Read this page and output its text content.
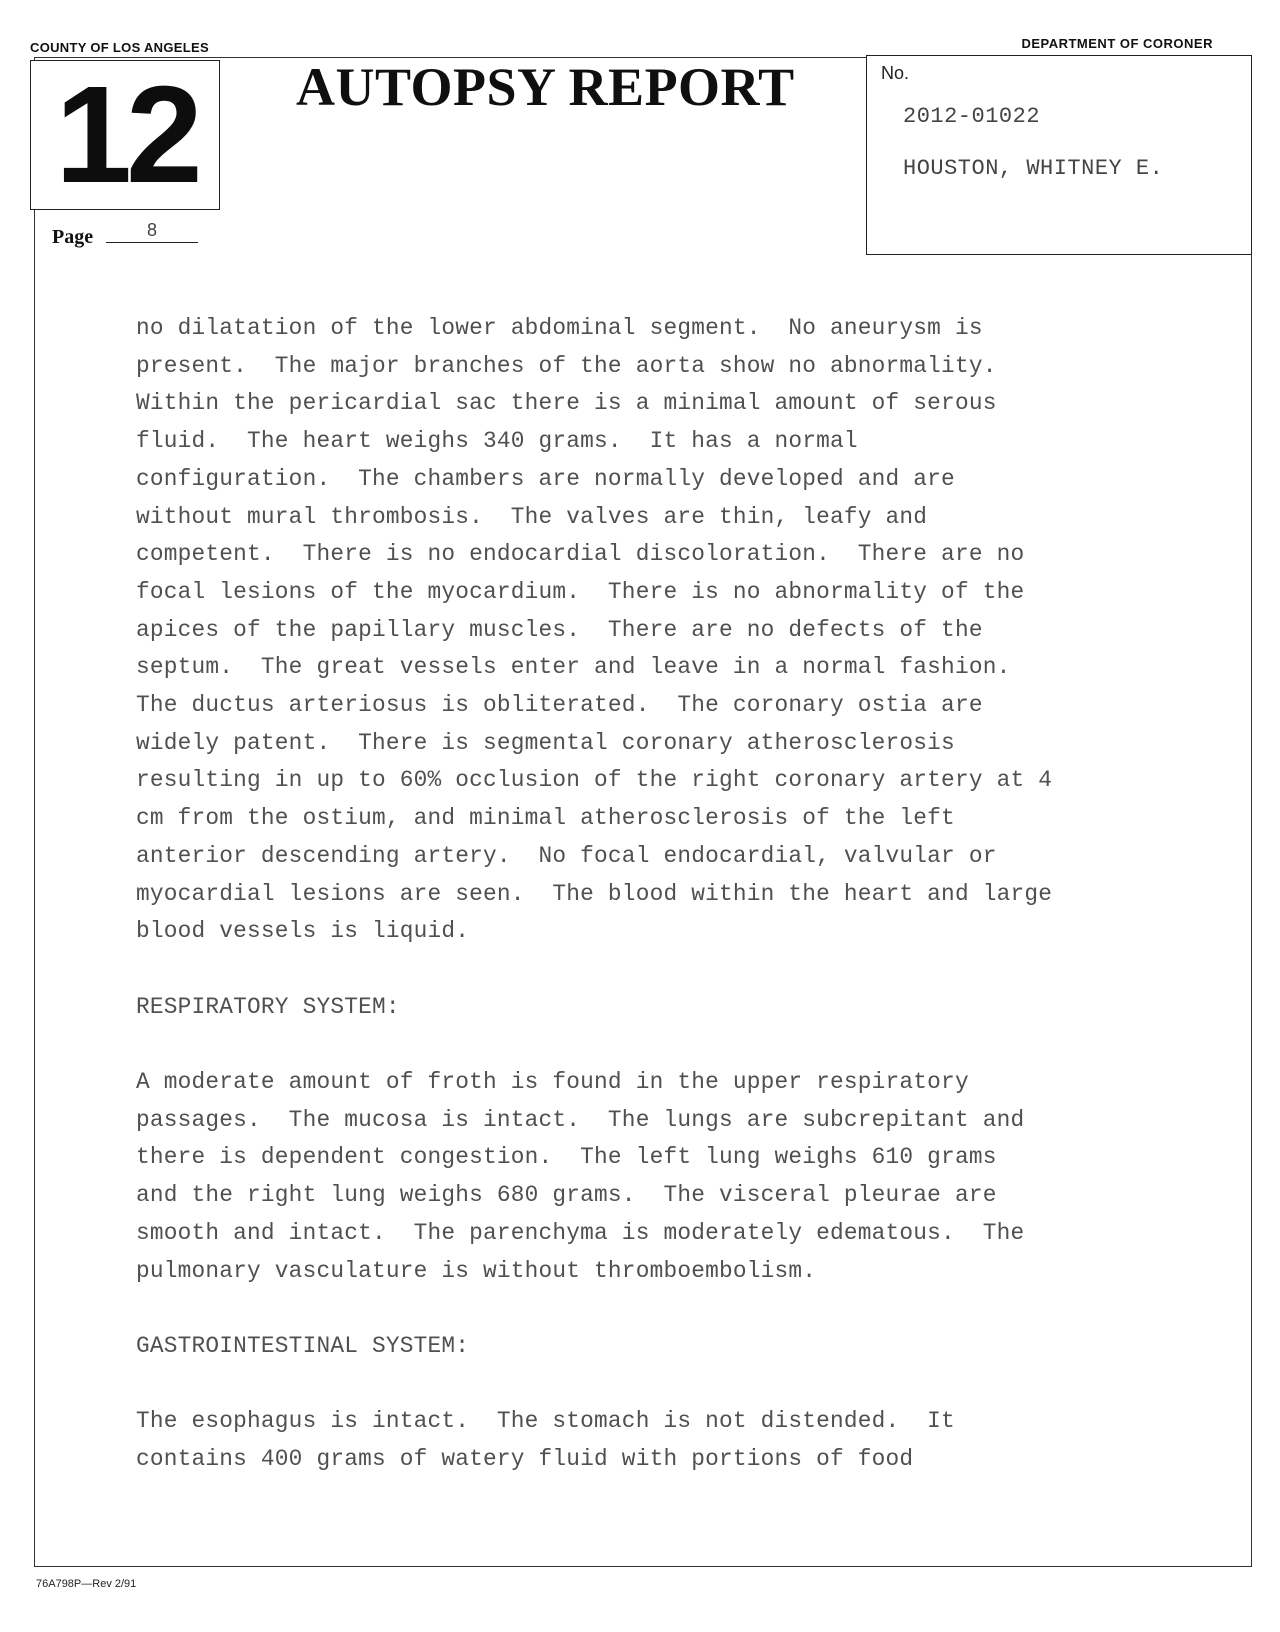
COUNTY OF LOS ANGELES	DEPARTMENT OF CORONER
12
Page	8
AUTOPSY REPORT	No.
2012-01022
HOUSTON, WHITNEY E.
no dilatation of the lower abdominal segment.  No aneurysm is
present.  The major branches of the aorta show no abnormality.
Within the pericardial sac there is a minimal amount of serous
fluid.  The heart weighs 340 grams.  It has a normal
configuration.  The chambers are normally developed and are
without mural thrombosis.  The valves are thin, leafy and
competent.  There is no endocardial discoloration.  There are no
focal lesions of the myocardium.  There is no abnormality of the
apices of the papillary muscles.  There are no defects of the
septum.  The great vessels enter and leave in a normal fashion.
The ductus arteriosus is obliterated.  The coronary ostia are
widely patent.  There is segmental coronary atherosclerosis
resulting in up to 60% occlusion of the right coronary artery at 4
cm from the ostium, and minimal atherosclerosis of the left
anterior descending artery.  No focal endocardial, valvular or
myocardial lesions are seen.  The blood within the heart and large
blood vessels is liquid.
RESPIRATORY SYSTEM:
A moderate amount of froth is found in the upper respiratory
passages.  The mucosa is intact.  The lungs are subcrepitant and
there is dependent congestion.  The left lung weighs 610 grams
and the right lung weighs 680 grams.  The visceral pleurae are
smooth and intact.  The parenchyma is moderately edematous.  The
pulmonary vasculature is without thromboembolism.
GASTROINTESTINAL SYSTEM:
The esophagus is intact.  The stomach is not distended.  It
contains 400 grams of watery fluid with portions of food
76A798P—Rev 2/91
